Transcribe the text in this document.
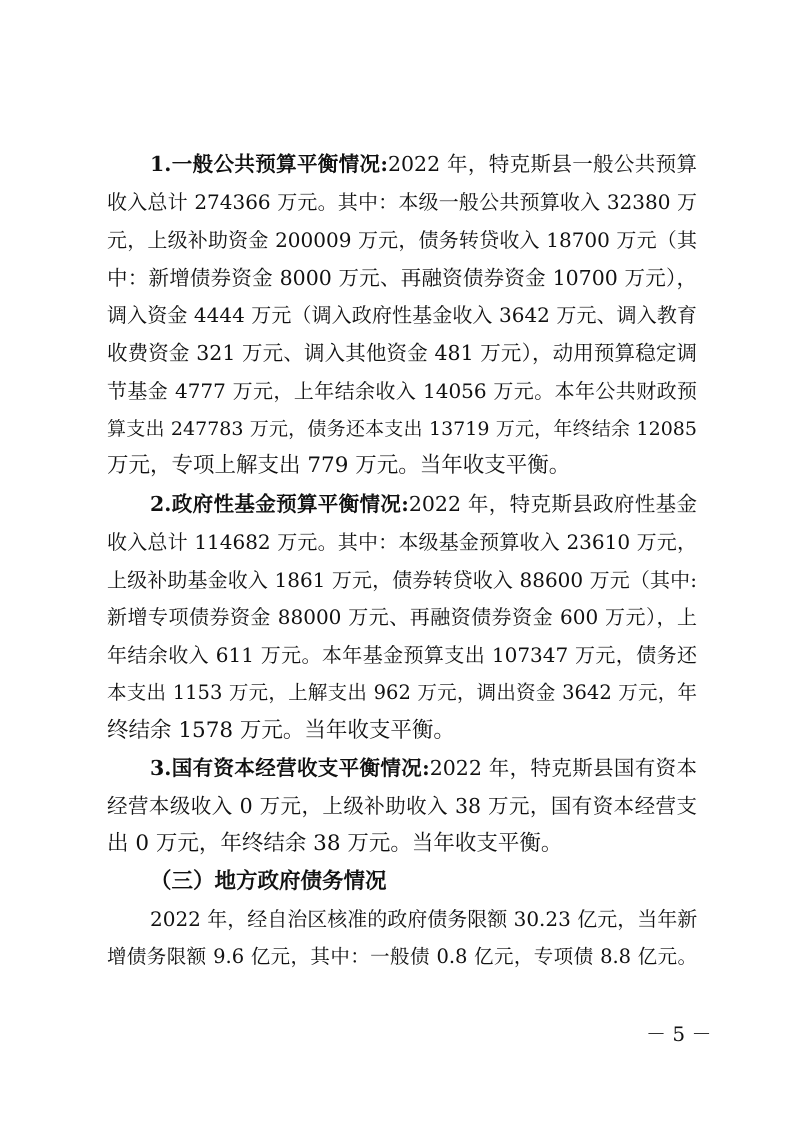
1.一般公共预算平衡情况:2022 年，特克斯县一般公共预算
收入总计 274366 万元。其中：本级一般公共预算收入 32380 万
元，上级补助资金 200009 万元，债务转贷收入 18700 万元（其
中：新增债券资金 8000 万元、再融资债券资金 10700 万元），
调入资金 4444 万元（调入政府性基金收入 3642 万元、调入教育
收费资金 321 万元、调入其他资金 481 万元），动用预算稳定调
节基金 4777 万元，上年结余收入 14056 万元。本年公共财政预
算支出 247783 万元，债务还本支出 13719 万元，年终结余 12085
万元，专项上解支出 779 万元。当年收支平衡。
2.政府性基金预算平衡情况:2022 年，特克斯县政府性基金
收入总计 114682 万元。其中：本级基金预算收入 23610 万元，
上级补助基金收入 1861 万元，债券转贷收入 88600 万元（其中:
新增专项债券资金 88000 万元、再融资债券资金 600 万元），上
年结余收入 611 万元。本年基金预算支出 107347 万元，债务还
本支出 1153 万元，上解支出 962 万元，调出资金 3642 万元，年
终结余 1578 万元。当年收支平衡。
3.国有资本经营收支平衡情况:2022 年，特克斯县国有资本
经营本级收入 0 万元，上级补助收入 38 万元，国有资本经营支
出 0 万元，年终结余 38 万元。当年收支平衡。
（三）地方政府债务情况
2022 年，经自治区核准的政府债务限额 30.23 亿元，当年新
增债务限额 9.6 亿元，其中：一般债 0.8 亿元，专项债 8.8 亿元。
－ 5 －
